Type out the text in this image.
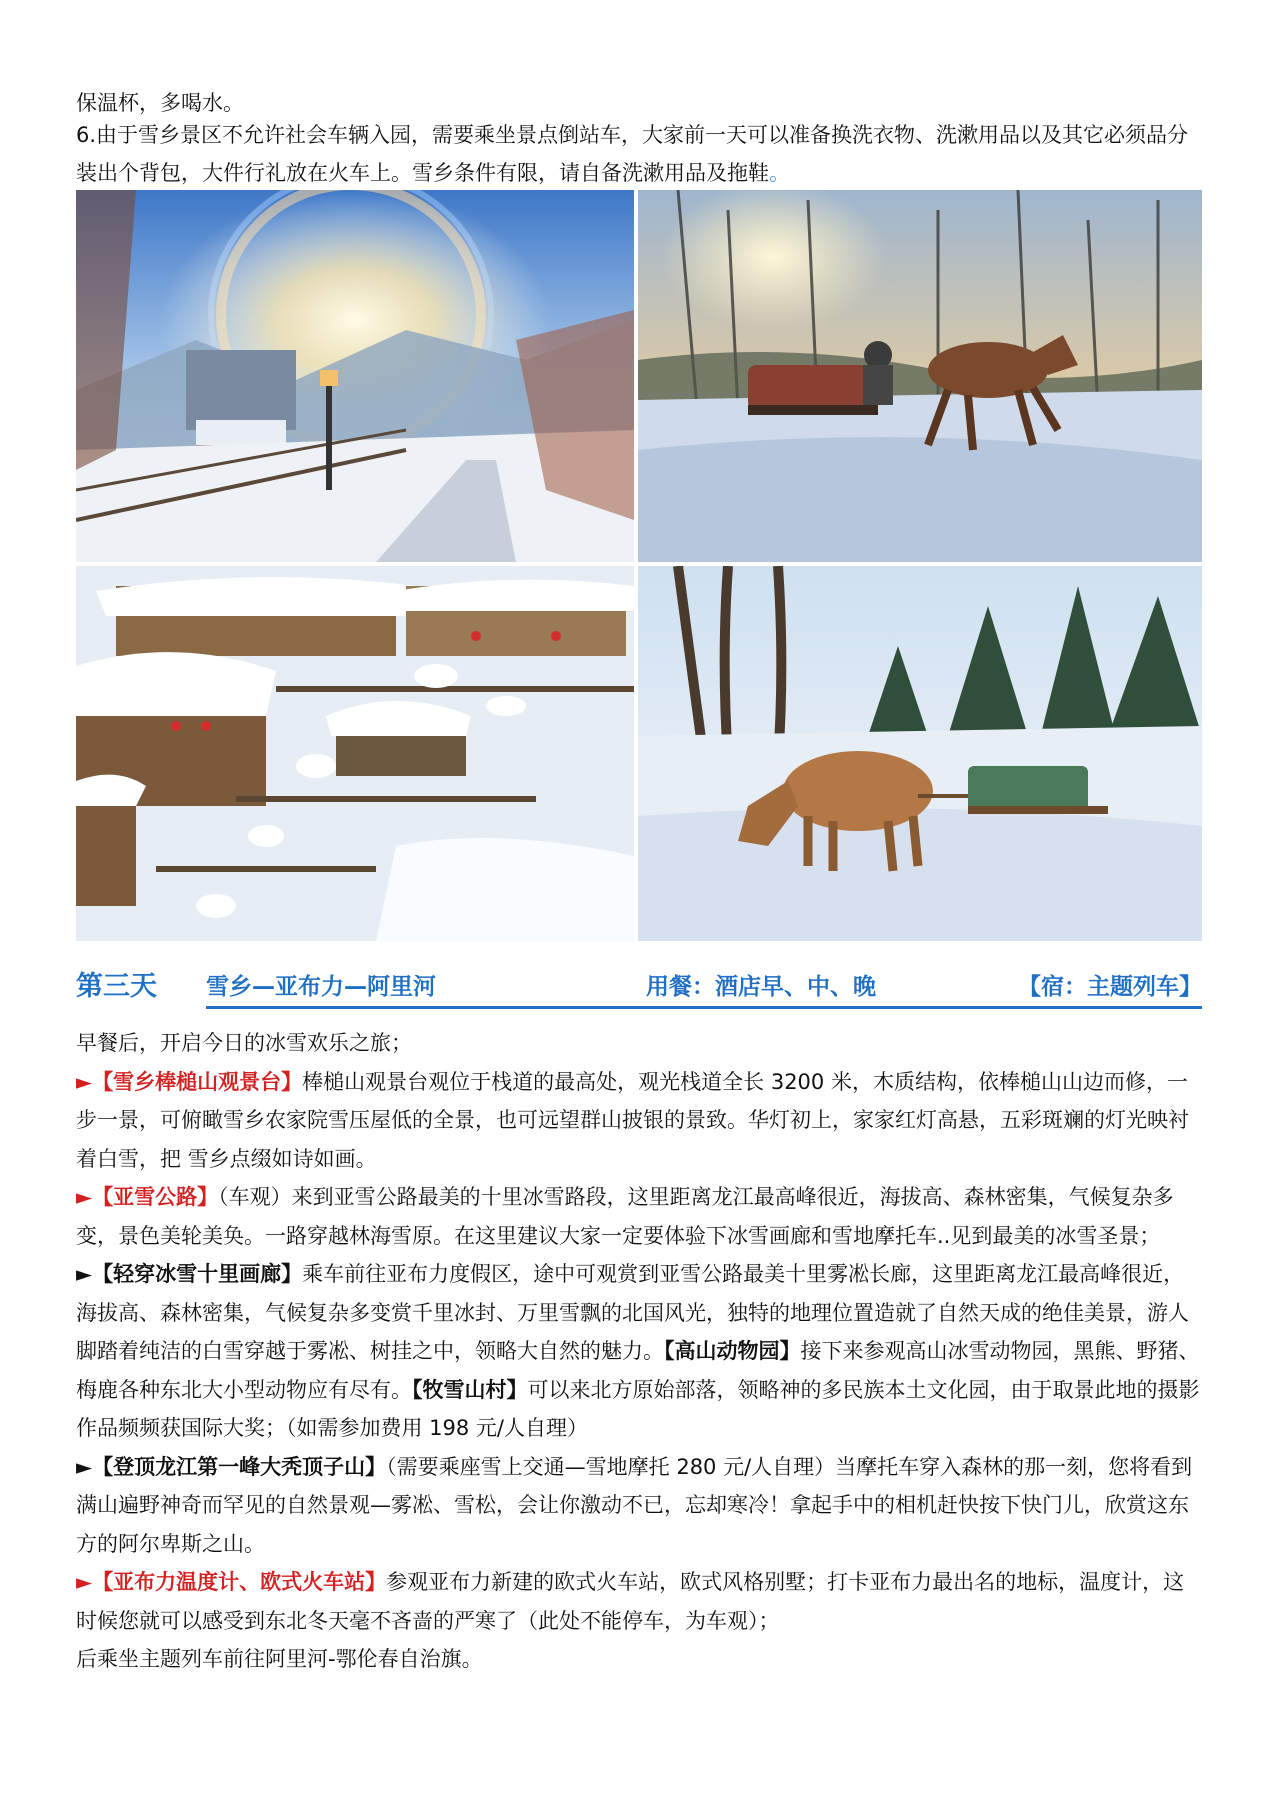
保温杯，多喝水。

6.由于雪乡景区不允许社会车辆入园，需要乘坐景点倒站车，大家前一天可以准备换洗衣物、洗漱用品以及其它必须品分装出个背包，大件行礼放在火车上。雪乡条件有限，请自备洗漱用品及拖鞋。

第三天 雪乡—亚布力—阿里河	用餐：酒店早、中、晚	【宿：主题列车】

早餐后，开启今日的冰雪欢乐之旅；

►【雪乡棒槌山观景台】棒槌山观景台观位于栈道的最高处，观光栈道全长 3200 米，木质结构，依棒槌山山边而修，一步一景，可俯瞰雪乡农家院雪压屋低的全景，也可远望群山披银的景致。华灯初上，家家红灯高悬，五彩斑斓的灯光映衬着白雪，把 雪乡点缀如诗如画。

►【亚雪公路】（车观）来到亚雪公路最美的十里冰雪路段，这里距离龙江最高峰很近，海拔高、森林密集，气候复杂多变，景色美轮美奂。一路穿越林海雪原。在这里建议大家一定要体验下冰雪画廊和雪地摩托车..见到最美的冰雪圣景；

►【轻穿冰雪十里画廊】乘车前往亚布力度假区，途中可观赏到亚雪公路最美十里雾凇长廊，这里距离龙江最高峰很近，海拔高、森林密集，气候复杂多变赏千里冰封、万里雪飘的北国风光，独特的地理位置造就了自然天成的绝佳美景，游人脚踏着纯洁的白雪穿越于雾凇、树挂之中，领略大自然的魅力。【高山动物园】接下来参观高山冰雪动物园，黑熊、野猪、梅鹿各种东北大小型动物应有尽有。【牧雪山村】可以来北方原始部落，领略神的多民族本土文化园，由于取景此地的摄影作品频频获国际大奖；（如需参加费用 198 元/人自理）

►【登顶龙江第一峰大秃顶子山】（需要乘座雪上交通—雪地摩托 280 元/人自理）当摩托车穿入森林的那一刻，您将看到满山遍野神奇而罕见的自然景观—雾凇、雪松，会让你激动不已，忘却寒冷！拿起手中的相机赶快按下快门儿，欣赏这东方的阿尔卑斯之山。

►【亚布力温度计、欧式火车站】参观亚布力新建的欧式火车站，欧式风格别墅；打卡亚布力最出名的地标，温度计，这时候您就可以感受到东北冬天毫不吝啬的严寒了（此处不能停车，为车观）；

后乘坐主题列车前往阿里河-鄂伦春自治旗。
